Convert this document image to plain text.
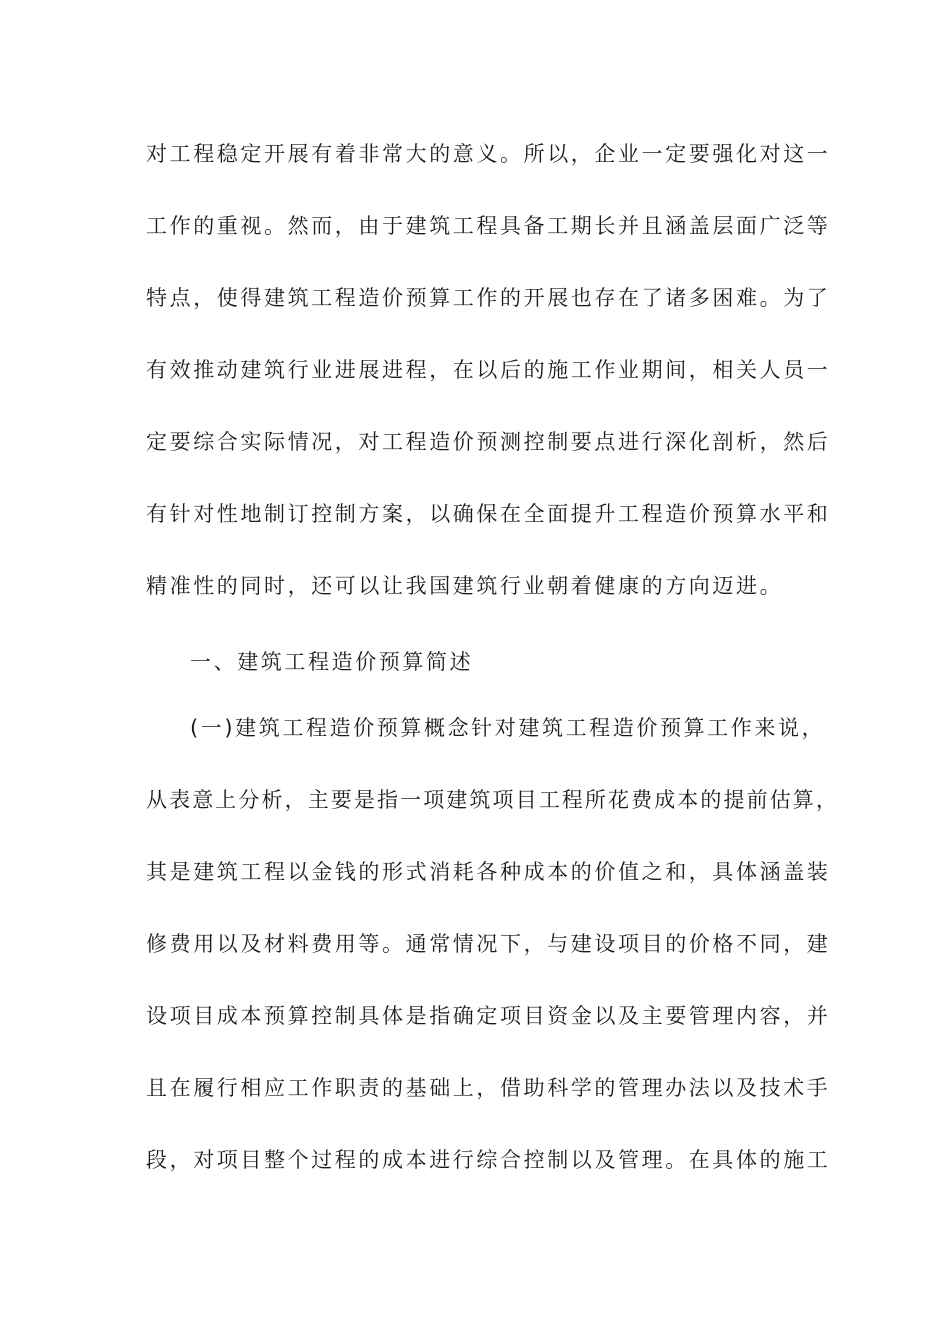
对工程稳定开展有着非常大的意义。所以，企业一定要强化对这一
工作的重视。然而，由于建筑工程具备工期长并且涵盖层面广泛等
特点，使得建筑工程造价预算工作的开展也存在了诸多困难。为了
有效推动建筑行业进展进程，在以后的施工作业期间，相关人员一
定要综合实际情况，对工程造价预测控制要点进行深化剖析，然后
有针对性地制订控制方案，以确保在全面提升工程造价预算水平和
精准性的同时，还可以让我国建筑行业朝着健康的方向迈进。
一、建筑工程造价预算简述
(一)建筑工程造价预算概念针对建筑工程造价预算工作来说，
从表意上分析，主要是指一项建筑项目工程所花费成本的提前估算，
其是建筑工程以金钱的形式消耗各种成本的价值之和，具体涵盖装
修费用以及材料费用等。通常情况下，与建设项目的价格不同，建
设项目成本预算控制具体是指确定项目资金以及主要管理内容，并
且在履行相应工作职责的基础上，借助科学的管理办法以及技术手
段，对项目整个过程的成本进行综合控制以及管理。在具体的施工
